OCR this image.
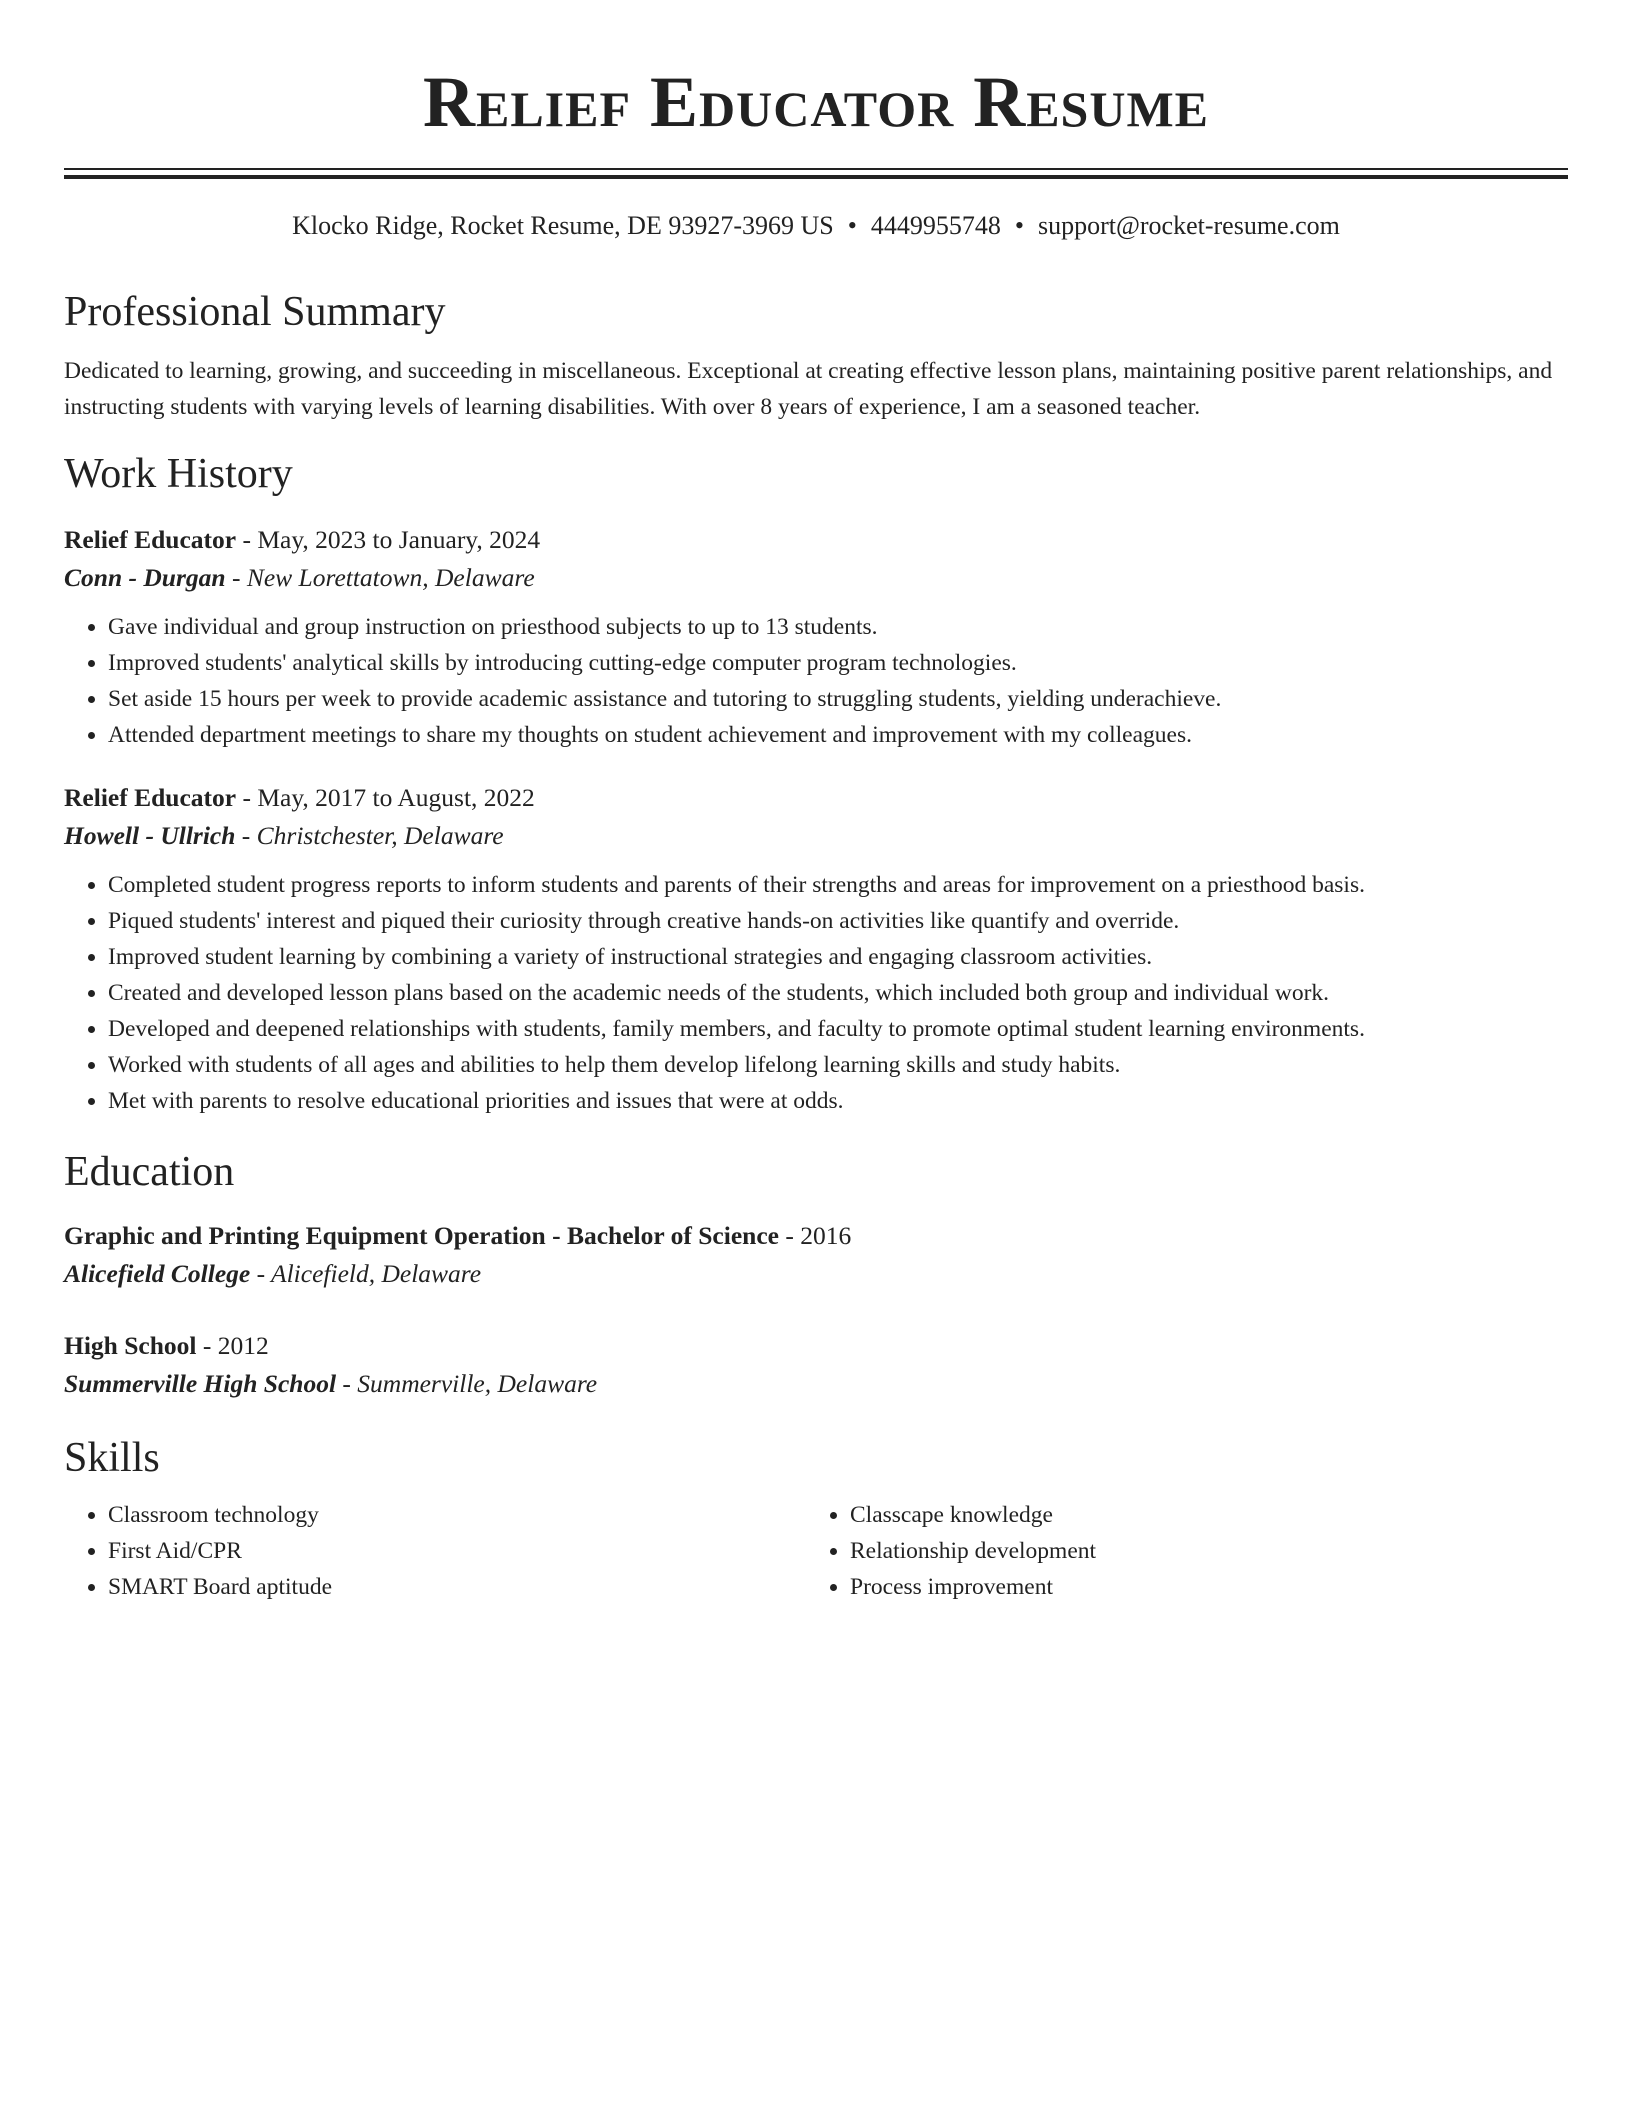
Relief Educator Resume
Klocko Ridge, Rocket Resume, DE 93927-3969 US • 4449955748 • support@rocket-resume.com
Professional Summary
Dedicated to learning, growing, and succeeding in miscellaneous. Exceptional at creating effective lesson plans, maintaining positive parent relationships, and instructing students with varying levels of learning disabilities. With over 8 years of experience, I am a seasoned teacher.
Work History
Relief Educator - May, 2023 to January, 2024
Conn - Durgan - New Lorettatown, Delaware
• Gave individual and group instruction on priesthood subjects to up to 13 students.
• Improved students' analytical skills by introducing cutting-edge computer program technologies.
• Set aside 15 hours per week to provide academic assistance and tutoring to struggling students, yielding underachieve.
• Attended department meetings to share my thoughts on student achievement and improvement with my colleagues.
Relief Educator - May, 2017 to August, 2022
Howell - Ullrich - Christchester, Delaware
• Completed student progress reports to inform students and parents of their strengths and areas for improvement on a priesthood basis.
• Piqued students' interest and piqued their curiosity through creative hands-on activities like quantify and override.
• Improved student learning by combining a variety of instructional strategies and engaging classroom activities.
• Created and developed lesson plans based on the academic needs of the students, which included both group and individual work.
• Developed and deepened relationships with students, family members, and faculty to promote optimal student learning environments.
• Worked with students of all ages and abilities to help them develop lifelong learning skills and study habits.
• Met with parents to resolve educational priorities and issues that were at odds.
Education
Graphic and Printing Equipment Operation - Bachelor of Science - 2016
Alicefield College - Alicefield, Delaware
High School - 2012
Summerville High School - Summerville, Delaware
Skills
• Classroom technology
• First Aid/CPR
• SMART Board aptitude
• Classcape knowledge
• Relationship development
• Process improvement
